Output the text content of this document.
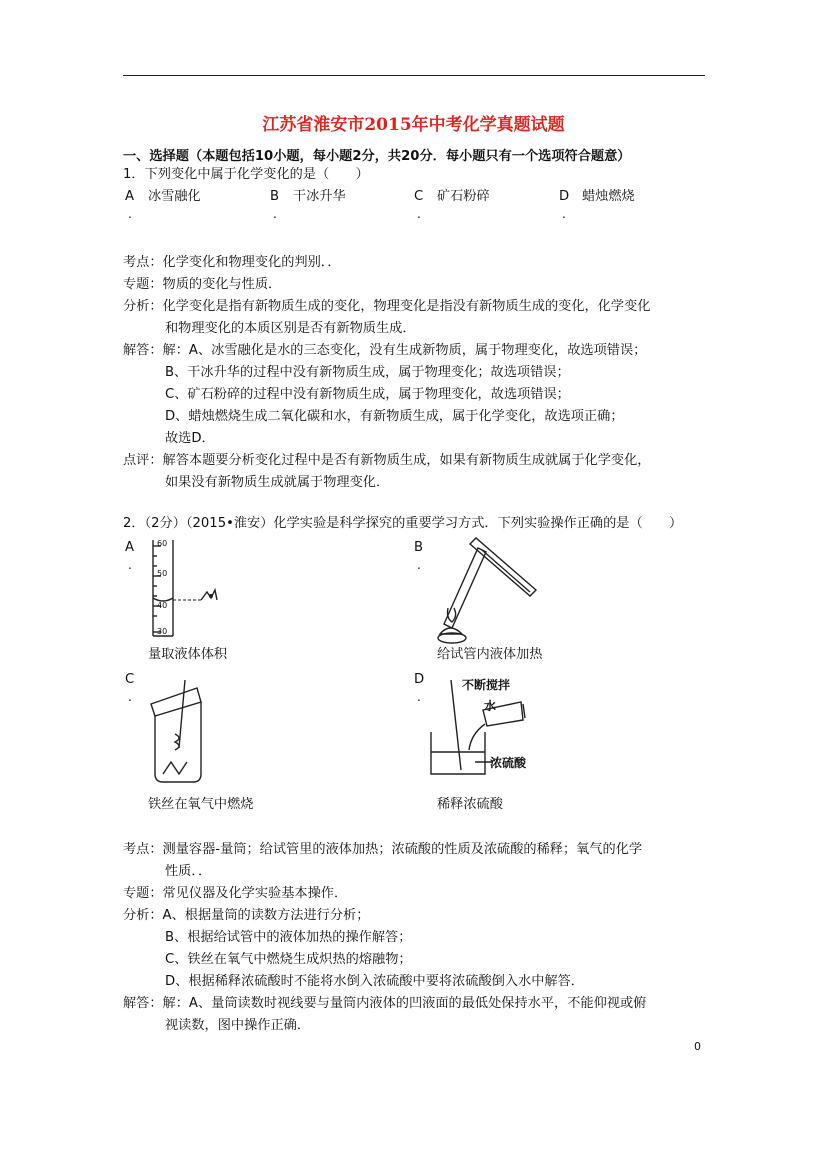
江苏省淮安市2015年中考化学真题试题
一、选择题（本题包括10小题，每小题2分，共20分．每小题只有一个选项符合题意）
1．下列变化中属于化学变化的是（　　）
A 冰雪融化	B 干冰升华	C 矿石粉碎	D 蜡烛燃烧
.	.	.	.
考点：化学变化和物理变化的判别．．
专题：物质的变化与性质．
分析：化学变化是指有新物质生成的变化，物理变化是指没有新物质生成的变化，化学变化
和物理变化的本质区别是否有新物质生成．
解答：解：A、冰雪融化是水的三态变化，没有生成新物质，属于物理变化，故选项错误；
B、干冰升华的过程中没有新物质生成，属于物理变化；故选项错误；
C、矿石粉碎的过程中没有新物质生成，属于物理变化，故选项错误；
D、蜡烛燃烧生成二氧化碳和水，有新物质生成，属于化学变化，故选项正确；
故选D．
点评：解答本题要分析变化过程中是否有新物质生成，如果有新物质生成就属于化学变化，
如果没有新物质生成就属于物理变化．
2．（2分）（2015•淮安）化学实验是科学探究的重要学习方式．下列实验操作正确的是（　　）
A
.
60
50
40
30
量取液体体积
B
.
给试管内液体加热
C
.
铁丝在氧气中燃烧
D
.
不断搅拌
水
浓硫酸
稀释浓硫酸
考点：测量容器-量筒；给试管里的液体加热；浓硫酸的性质及浓硫酸的稀释；氧气的化学
性质．．
专题：常见仪器及化学实验基本操作．
分析：A、根据量筒的读数方法进行分析；
B、根据给试管中的液体加热的操作解答；
C、铁丝在氧气中燃烧生成炽热的熔融物；
D、根据稀释浓硫酸时不能将水倒入浓硫酸中要将浓硫酸倒入水中解答．
解答：解：A、量筒读数时视线要与量筒内液体的凹液面的最低处保持水平，不能仰视或俯
视读数，图中操作正确．
0
